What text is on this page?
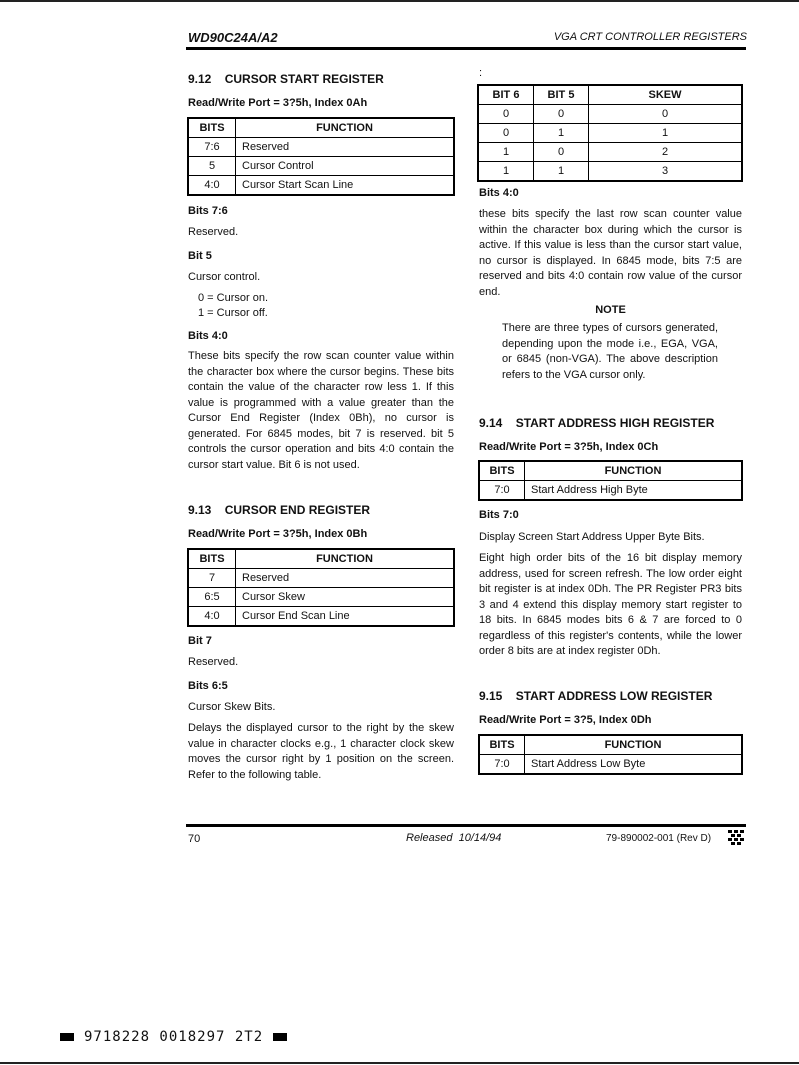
WD90C24A/A2	VGA CRT CONTROLLER REGISTERS
9.12    CURSOR START REGISTER
Read/Write Port = 3?5h, Index 0Ah
BITS	FUNCTION
7:6	Reserved
5	Cursor Control
4:0	Cursor Start Scan Line
Bits 7:6
Reserved.
Bit 5
Cursor control.
0 = Cursor on.
1 = Cursor off.
Bits 4:0
These bits specify the row scan counter value within the character box where the cursor begins. These bits contain the value of the character row less 1. If this value is programmed with a value greater than the Cursor End Register (Index 0Bh), no cursor is generated. For 6845 modes, bit 7 is reserved. bit 5 controls the cursor operation and bits 4:0 contain the cursor start value. Bit 6 is not used.
9.13    CURSOR END REGISTER
Read/Write Port = 3?5h, Index 0Bh
BITS	FUNCTION
7	Reserved
6:5	Cursor Skew
4:0	Cursor End Scan Line
Bit 7
Reserved.
Bits 6:5
Cursor Skew Bits.
Delays the displayed cursor to the right by the skew value in character clocks e.g., 1 character clock skew moves the cursor right by 1 position on the screen. Refer to the following table.
:
BIT 6	BIT 5	SKEW
0	0	0
0	1	1
1	0	2
1	1	3
Bits 4:0
these bits specify the last row scan counter value within the character box during which the cursor is active. If this value is less than the cursor start value, no cursor is displayed. In 6845 mode, bits 7:5 are reserved and bits 4:0 contain row value of the cursor end.
NOTE
There are three types of cursors generated, depending upon the mode i.e., EGA, VGA, or 6845 (non-VGA). The above description refers to the VGA cursor only.
9.14    START ADDRESS HIGH REGISTER
Read/Write Port = 3?5h, Index 0Ch
BITS	FUNCTION
7:0	Start Address High Byte
Bits 7:0
Display Screen Start Address Upper Byte Bits.
Eight high order bits of the 16 bit display memory address, used for screen refresh. The low order eight bit register is at index 0Dh. The PR Register PR3 bits 3 and 4 extend this display memory start register to 18 bits. In 6845 modes bits 6 & 7 are forced to 0 regardless of this register's contents, while the lower order 8 bits are at index register 0Dh.
9.15    START ADDRESS LOW REGISTER
Read/Write Port = 3?5, Index 0Dh
BITS	FUNCTION
7:0	Start Address Low Byte
70	Released  10/14/94	79-890002-001 (Rev D)
9718228 0018297 2T2
